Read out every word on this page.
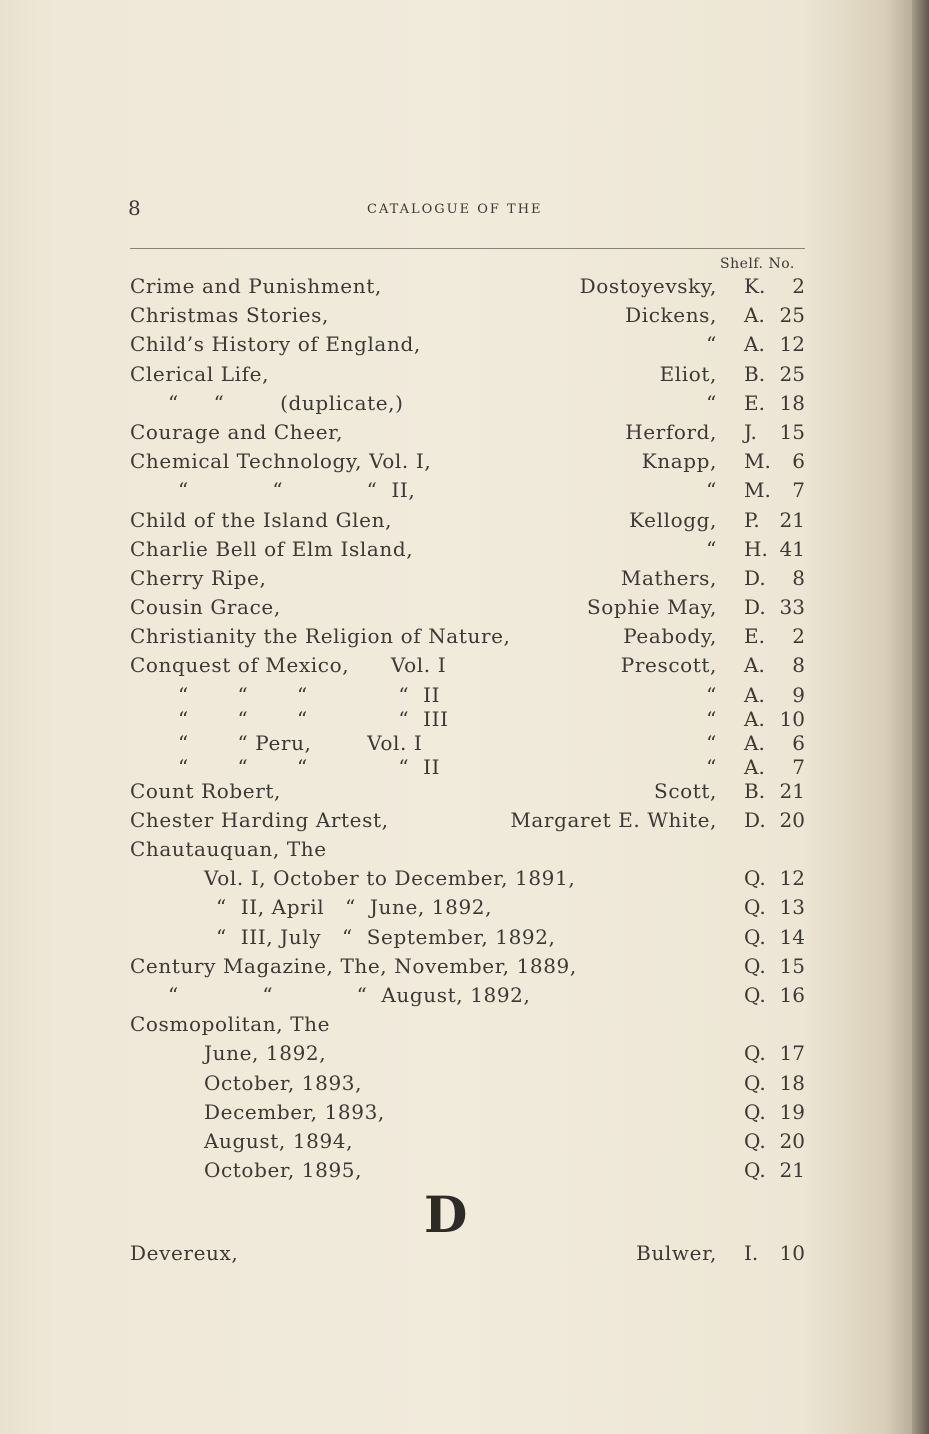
8	CATALOGUE OF THE
Shelf. No.
Crime and Punishment,	Dostoyevsky, K. 2
Christmas Stories,	Dickens, A. 25
Child’s History of England,	“ A. 12
Clerical Life,	Eliot, B. 25
“     “        (duplicate,)	“ E. 18
Courage and Cheer,	Herford, J.	15
Chemical Technology, Vol. I,	Knapp, M. 6
“            “            “  II,	“ M. 7
Child of the Island Glen,	Kellogg, P. 21
Charlie Bell of Elm Island,	“ H. 41
Cherry Ripe,	Mathers, D. 8
Cousin Grace,	Sophie May, D. 33
Christianity the Religion of Nature,	Peabody, E. 2
Conquest of Mexico,      Vol. I	Prescott, A. 8
“       “       “             “  II	“ A. 9
“       “       “             “  III	“ A. 10
“       “ Peru,        Vol. I	“ A. 6
“       “       “             “  II	“ A. 7
Count Robert,	Scott, B. 21
Chester Harding Artest,	Margaret E. White, D. 20
Chautauquan, The
Vol. I, October to December, 1891,	Q. 12
“  II, April   “  June, 1892,	Q. 13
“  III, July   “  September, 1892,	Q. 14
Century Magazine, The, November, 1889,	Q. 15
“            “            “  August, 1892,	Q. 16
Cosmopolitan, The
June, 1892,	Q. 17
October, 1893,	Q. 18
December, 1893,	Q. 19
August, 1894,	Q. 20
October, 1895,	Q. 21
D
Devereux,	Bulwer, I.	10
